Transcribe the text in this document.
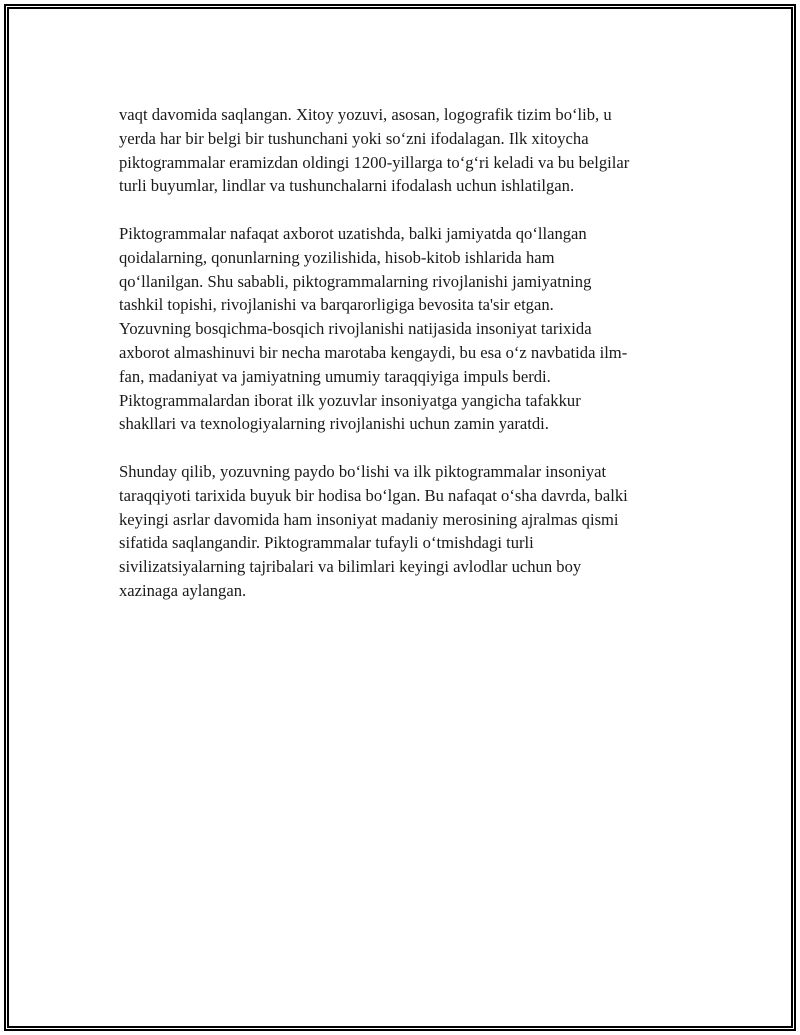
vaqt davomida saqlangan. Xitoy yozuvi, asosan, logografik tizim bo‘lib, u
yerda har bir belgi bir tushunchani yoki so‘zni ifodalagan. Ilk xitoycha
piktogrammalar eramizdan oldingi 1200-yillarga to‘g‘ri keladi va bu belgilar
turli buyumlar, lindlar va tushunchalarni ifodalash uchun ishlatilgan.

Piktogrammalar nafaqat axborot uzatishda, balki jamiyatda qo‘llangan
qoidalarning, qonunlarning yozilishida, hisob-kitob ishlarida ham
qo‘llanilgan. Shu sababli, piktogrammalarning rivojlanishi jamiyatning
tashkil topishi, rivojlanishi va barqarorligiga bevosita ta'sir etgan.
Yozuvning bosqichma-bosqich rivojlanishi natijasida insoniyat tarixida
axborot almashinuvi bir necha marotaba kengaydi, bu esa o‘z navbatida ilm-
fan, madaniyat va jamiyatning umumiy taraqqiyiga impuls berdi.
Piktogrammalardan iborat ilk yozuvlar insoniyatga yangicha tafakkur
shakllari va texnologiyalarning rivojlanishi uchun zamin yaratdi.

Shunday qilib, yozuvning paydo bo‘lishi va ilk piktogrammalar insoniyat
taraqqiyoti tarixida buyuk bir hodisa bo‘lgan. Bu nafaqat o‘sha davrda, balki
keyingi asrlar davomida ham insoniyat madaniy merosining ajralmas qismi
sifatida saqlangandir. Piktogrammalar tufayli o‘tmishdagi turli
sivilizatsiyalarning tajribalari va bilimlari keyingi avlodlar uchun boy
xazinaga aylangan.
